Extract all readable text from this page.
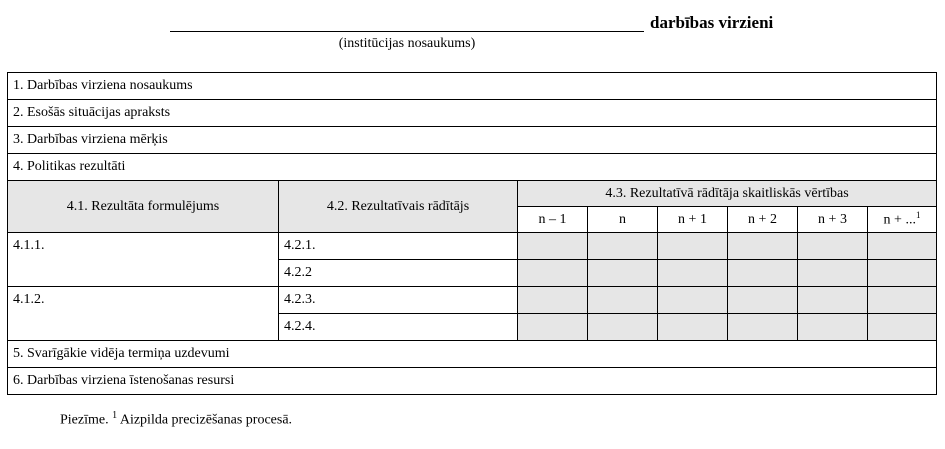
darbības virzieni
(institūcijas nosaukums)
1. Darbības virziena nosaukums							
2. Esošās situācijas apraksts							
3. Darbības virziena mērķis							
4. Politikas rezultāti							
4.1. Rezultāta formulējums	4.2. Rezultatīvais rādītājs	4.3. Rezultatīvā rādītāja skaitliskās vērtības					
		n – 1	n	n + 1	n + 2	n + 3	n + ...$^1$
4.1.1.	4.2.1.						
	4.2.2						
4.1.2.	4.2.3.						
	4.2.4.						
5. Svarīgākie vidēja termiņa uzdevumi							
6. Darbības virziena īstenošanas resursi							
Piezīme. $^1$ Aizpilda precizēšanas procesā.
